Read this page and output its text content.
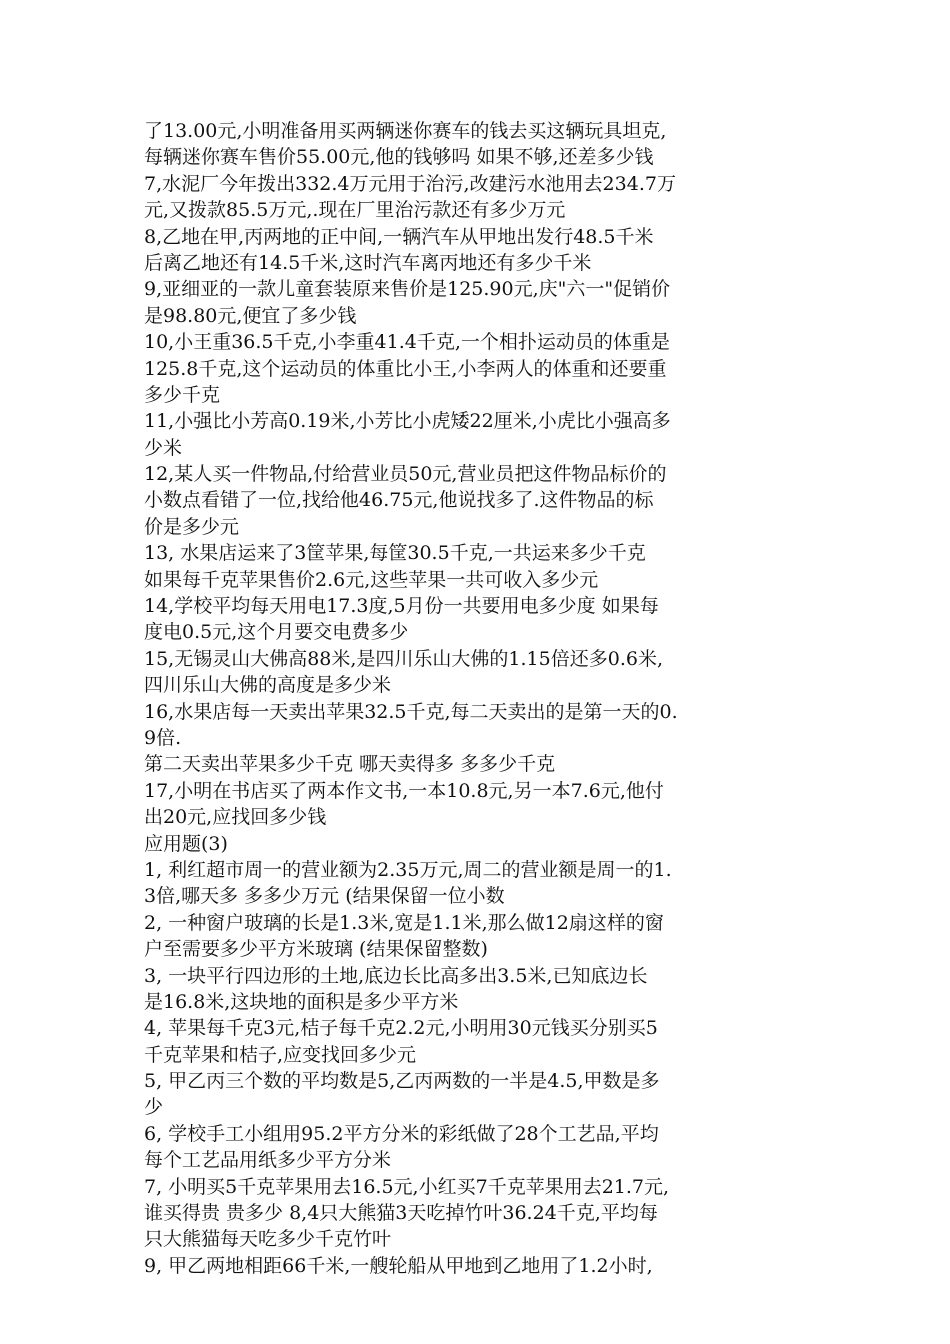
了13.00元,小明准备用买两辆迷你赛车的钱去买这辆玩具坦克,
每辆迷你赛车售价55.00元,他的钱够吗 如果不够,还差多少钱
7,水泥厂今年拨出332.4万元用于治污,改建污水池用去234.7万
元,又拨款85.5万元,.现在厂里治污款还有多少万元
8,乙地在甲,丙两地的正中间,一辆汽车从甲地出发行48.5千米
后离乙地还有14.5千米,这时汽车离丙地还有多少千米
9,亚细亚的一款儿童套装原来售价是125.90元,庆"六一"促销价
是98.80元,便宜了多少钱
10,小王重36.5千克,小李重41.4千克,一个相扑运动员的体重是
125.8千克,这个运动员的体重比小王,小李两人的体重和还要重
多少千克
11,小强比小芳高0.19米,小芳比小虎矮22厘米,小虎比小强高多
少米
12,某人买一件物品,付给营业员50元,营业员把这件物品标价的
小数点看错了一位,找给他46.75元,他说找多了.这件物品的标
价是多少元
13, 水果店运来了3筐苹果,每筐30.5千克,一共运来多少千克
如果每千克苹果售价2.6元,这些苹果一共可收入多少元
14,学校平均每天用电17.3度,5月份一共要用电多少度 如果每
度电0.5元,这个月要交电费多少
15,无锡灵山大佛高88米,是四川乐山大佛的1.15倍还多0.6米,
四川乐山大佛的高度是多少米
16,水果店每一天卖出苹果32.5千克,每二天卖出的是第一天的0.
9倍.
第二天卖出苹果多少千克 哪天卖得多 多多少千克
17,小明在书店买了两本作文书,一本10.8元,另一本7.6元,他付
出20元,应找回多少钱
应用题(3)
1, 利红超市周一的营业额为2.35万元,周二的营业额是周一的1.
3倍,哪天多 多多少万元 (结果保留一位小数
2, 一种窗户玻璃的长是1.3米,宽是1.1米,那么做12扇这样的窗
户至需要多少平方米玻璃 (结果保留整数)
3, 一块平行四边形的土地,底边长比高多出3.5米,已知底边长
是16.8米,这块地的面积是多少平方米
4, 苹果每千克3元,桔子每千克2.2元,小明用30元钱买分别买5
千克苹果和桔子,应变找回多少元
5, 甲乙丙三个数的平均数是5,乙丙两数的一半是4.5,甲数是多
少
6, 学校手工小组用95.2平方分米的彩纸做了28个工艺品,平均
每个工艺品用纸多少平方分米
7, 小明买5千克苹果用去16.5元,小红买7千克苹果用去21.7元,
谁买得贵 贵多少 8,4只大熊猫3天吃掉竹叶36.24千克,平均每
只大熊猫每天吃多少千克竹叶
9, 甲乙两地相距66千米,一艘轮船从甲地到乙地用了1.2小时,
